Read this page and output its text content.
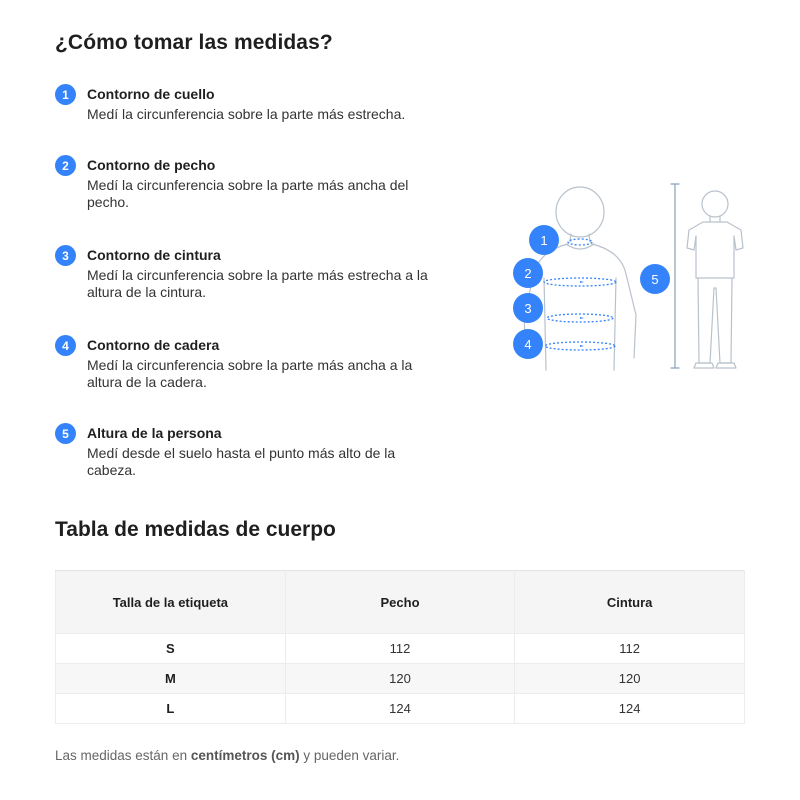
¿Cómo tomar las medidas?
1	Contorno de cuello
Medí la circunferencia sobre la parte más estrecha.
2	Contorno de pecho
Medí la circunferencia sobre la parte más ancha del pecho.
3	Contorno de cintura
Medí la circunferencia sobre la parte más estrecha a la altura de la cintura.
4	Contorno de cadera
Medí la circunferencia sobre la parte más ancha a la altura de la cadera.
5	Altura de la persona
Medí desde el suelo hasta el punto más alto de la cabeza.
1
2
3
4
5
Tabla de medidas de cuerpo
Talla de la etiqueta	Pecho	Cintura
S	112	112
M	120	120
L	124	124
Las medidas están en centímetros (cm) y pueden variar.
